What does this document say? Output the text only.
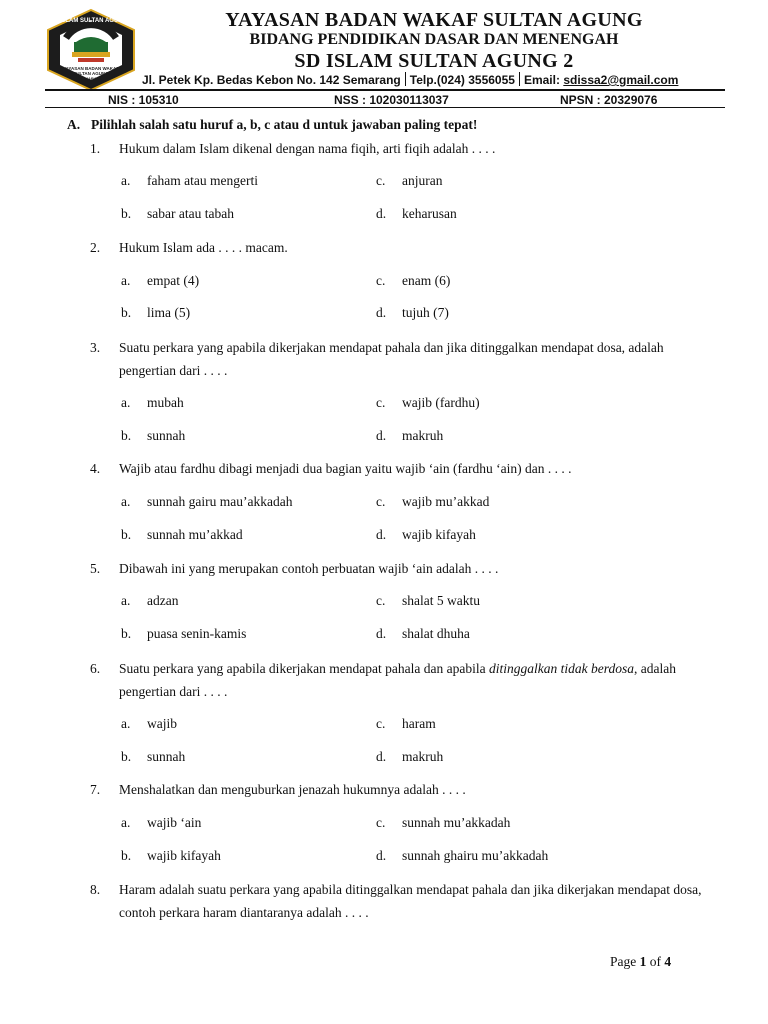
SD ISLAM SULTAN AGUNG 2
YAYASAN BADAN WAKAF
SULTAN AGUNG
SEMARANG
YAYASAN BADAN WAKAF SULTAN AGUNG
BIDANG PENDIDIKAN DASAR DAN MENENGAH
SD ISLAM SULTAN AGUNG 2
Jl. Petek Kp. Bedas Kebon No. 142 Semarang Telp.(024) 3556055 Email: sdissa2@gmail.com
NIS : 105310	NSS : 102030113037	NPSN : 20329076
A. Pilihlah salah satu huruf a, b, c atau d untuk jawaban paling tepat!
1. Hukum dalam Islam dikenal dengan nama fiqih, arti fiqih adalah . . . .
a. faham atau mengerti	c. anjuran
b. sabar atau tabah	d. keharusan
2. Hukum Islam ada . . . . macam.
a. empat (4)	c. enam (6)
b. lima (5)	d. tujuh (7)
3. Suatu perkara yang apabila dikerjakan mendapat pahala dan jika ditinggalkan mendapat dosa, adalah pengertian dari . . . .
a. mubah	c. wajib (fardhu)
b. sunnah	d. makruh
4. Wajib atau fardhu dibagi menjadi dua bagian yaitu wajib ‘ain (fardhu ‘ain) dan . . . .
a. sunnah gairu mau’akkadah	c. wajib mu’akkad
b. sunnah mu’akkad	d. wajib kifayah
5. Dibawah ini yang merupakan contoh perbuatan wajib ‘ain adalah . . . .
a. adzan	c. shalat 5 waktu
b. puasa senin-kamis	d. shalat dhuha
6. Suatu perkara yang apabila dikerjakan mendapat pahala dan apabila ditinggalkan tidak berdosa, adalah pengertian dari . . . .
a. wajib	c. haram
b. sunnah	d. makruh
7. Menshalatkan dan menguburkan jenazah hukumnya adalah . . . .
a. wajib ‘ain	c. sunnah mu’akkadah
b. wajib kifayah	d. sunnah ghairu mu’akkadah
8. Haram adalah suatu perkara yang apabila ditinggalkan mendapat pahala dan jika dikerjakan mendapat dosa, contoh perkara haram diantaranya adalah . . . .
Page 1 of 4
